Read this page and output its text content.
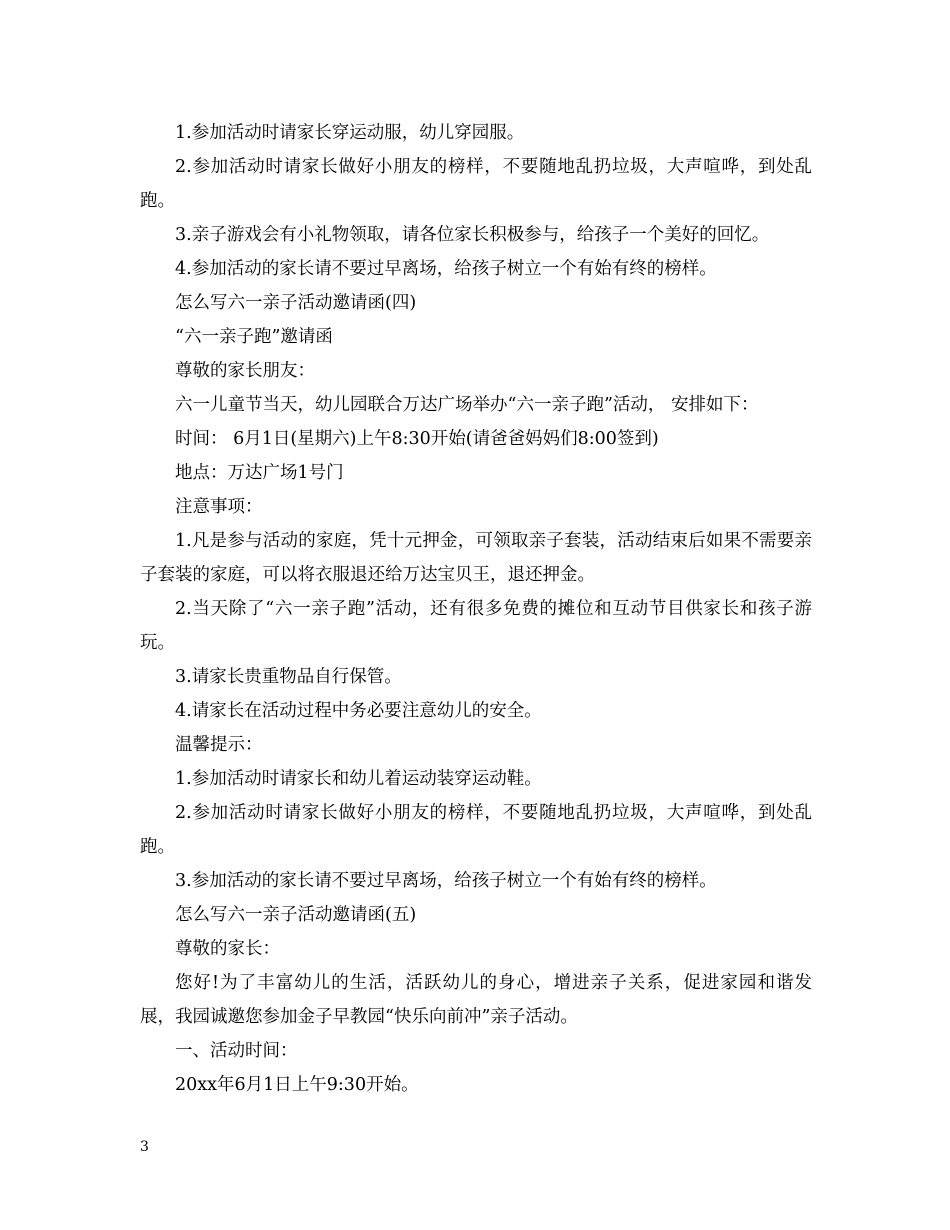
1.参加活动时请家长穿运动服，幼儿穿园服。

2.参加活动时请家长做好小朋友的榜样，不要随地乱扔垃圾，大声喧哗，到处乱跑。

3.亲子游戏会有小礼物领取，请各位家长积极参与，给孩子一个美好的回忆。

4.参加活动的家长请不要过早离场，给孩子树立一个有始有终的榜样。

怎么写六一亲子活动邀请函(四)

“六一亲子跑”邀请函

尊敬的家长朋友：

六一儿童节当天，幼儿园联合万达广场举办“六一亲子跑”活动， 安排如下：

时间： 6月1日(星期六)上午8:30开始(请爸爸妈妈们8:00签到)

地点：万达广场1号门

注意事项：

1.凡是参与活动的家庭，凭十元押金，可领取亲子套装，活动结束后如果不需要亲子套装的家庭，可以将衣服退还给万达宝贝王，退还押金。

2.当天除了“六一亲子跑”活动，还有很多免费的摊位和互动节目供家长和孩子游玩。

3.请家长贵重物品自行保管。

4.请家长在活动过程中务必要注意幼儿的安全。

温馨提示：

1.参加活动时请家长和幼儿着运动装穿运动鞋。

2.参加活动时请家长做好小朋友的榜样，不要随地乱扔垃圾，大声喧哗，到处乱跑。

3.参加活动的家长请不要过早离场，给孩子树立一个有始有终的榜样。

怎么写六一亲子活动邀请函(五)

尊敬的家长：

您好!为了丰富幼儿的生活，活跃幼儿的身心，增进亲子关系，促进家园和谐发展，我园诚邀您参加金子早教园“快乐向前冲”亲子活动。

一、活动时间：

20xx年6月1日上午9:30开始。

3
